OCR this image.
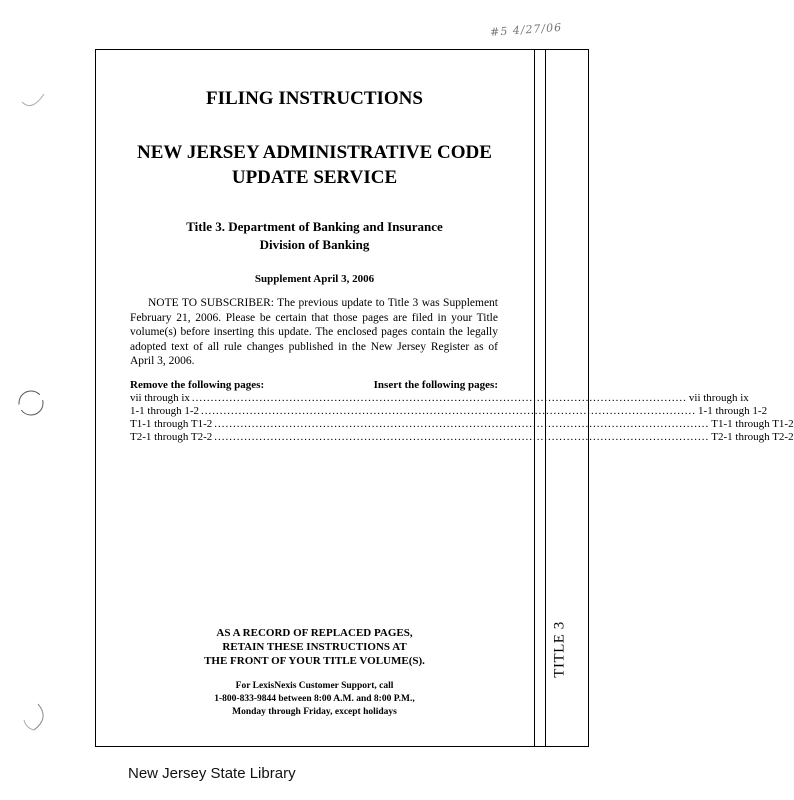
#5 4/27/06
TITLE 3
FILING INSTRUCTIONS
NEW JERSEY ADMINISTRATIVE CODE
UPDATE SERVICE
Title 3. Department of Banking and Insurance
Division of Banking
Supplement April 3, 2006
NOTE TO SUBSCRIBER: The previous update to Title 3 was Supplement February 21, 2006. Please be certain that those pages are filed in your Title volume(s) before inserting this update. The enclosed pages contain the legally adopted text of all rule changes published in the New Jersey Register as of April 3, 2006.
Remove the following pages:	Insert the following pages:
vii through ix .................................................................................................................................... vii through ix
1-1 through 1-2 .................................................................................................................................... 1-1 through 1-2
T1-1 through T1-2 .................................................................................................................................... T1-1 through T1-2
T2-1 through T2-2 .................................................................................................................................... T2-1 through T2-2
AS A RECORD OF REPLACED PAGES,
RETAIN THESE INSTRUCTIONS AT
THE FRONT OF YOUR TITLE VOLUME(S).
For LexisNexis Customer Support, call
1-800-833-9844 between 8:00 A.M. and 8:00 P.M.,
Monday through Friday, except holidays
New Jersey State Library
